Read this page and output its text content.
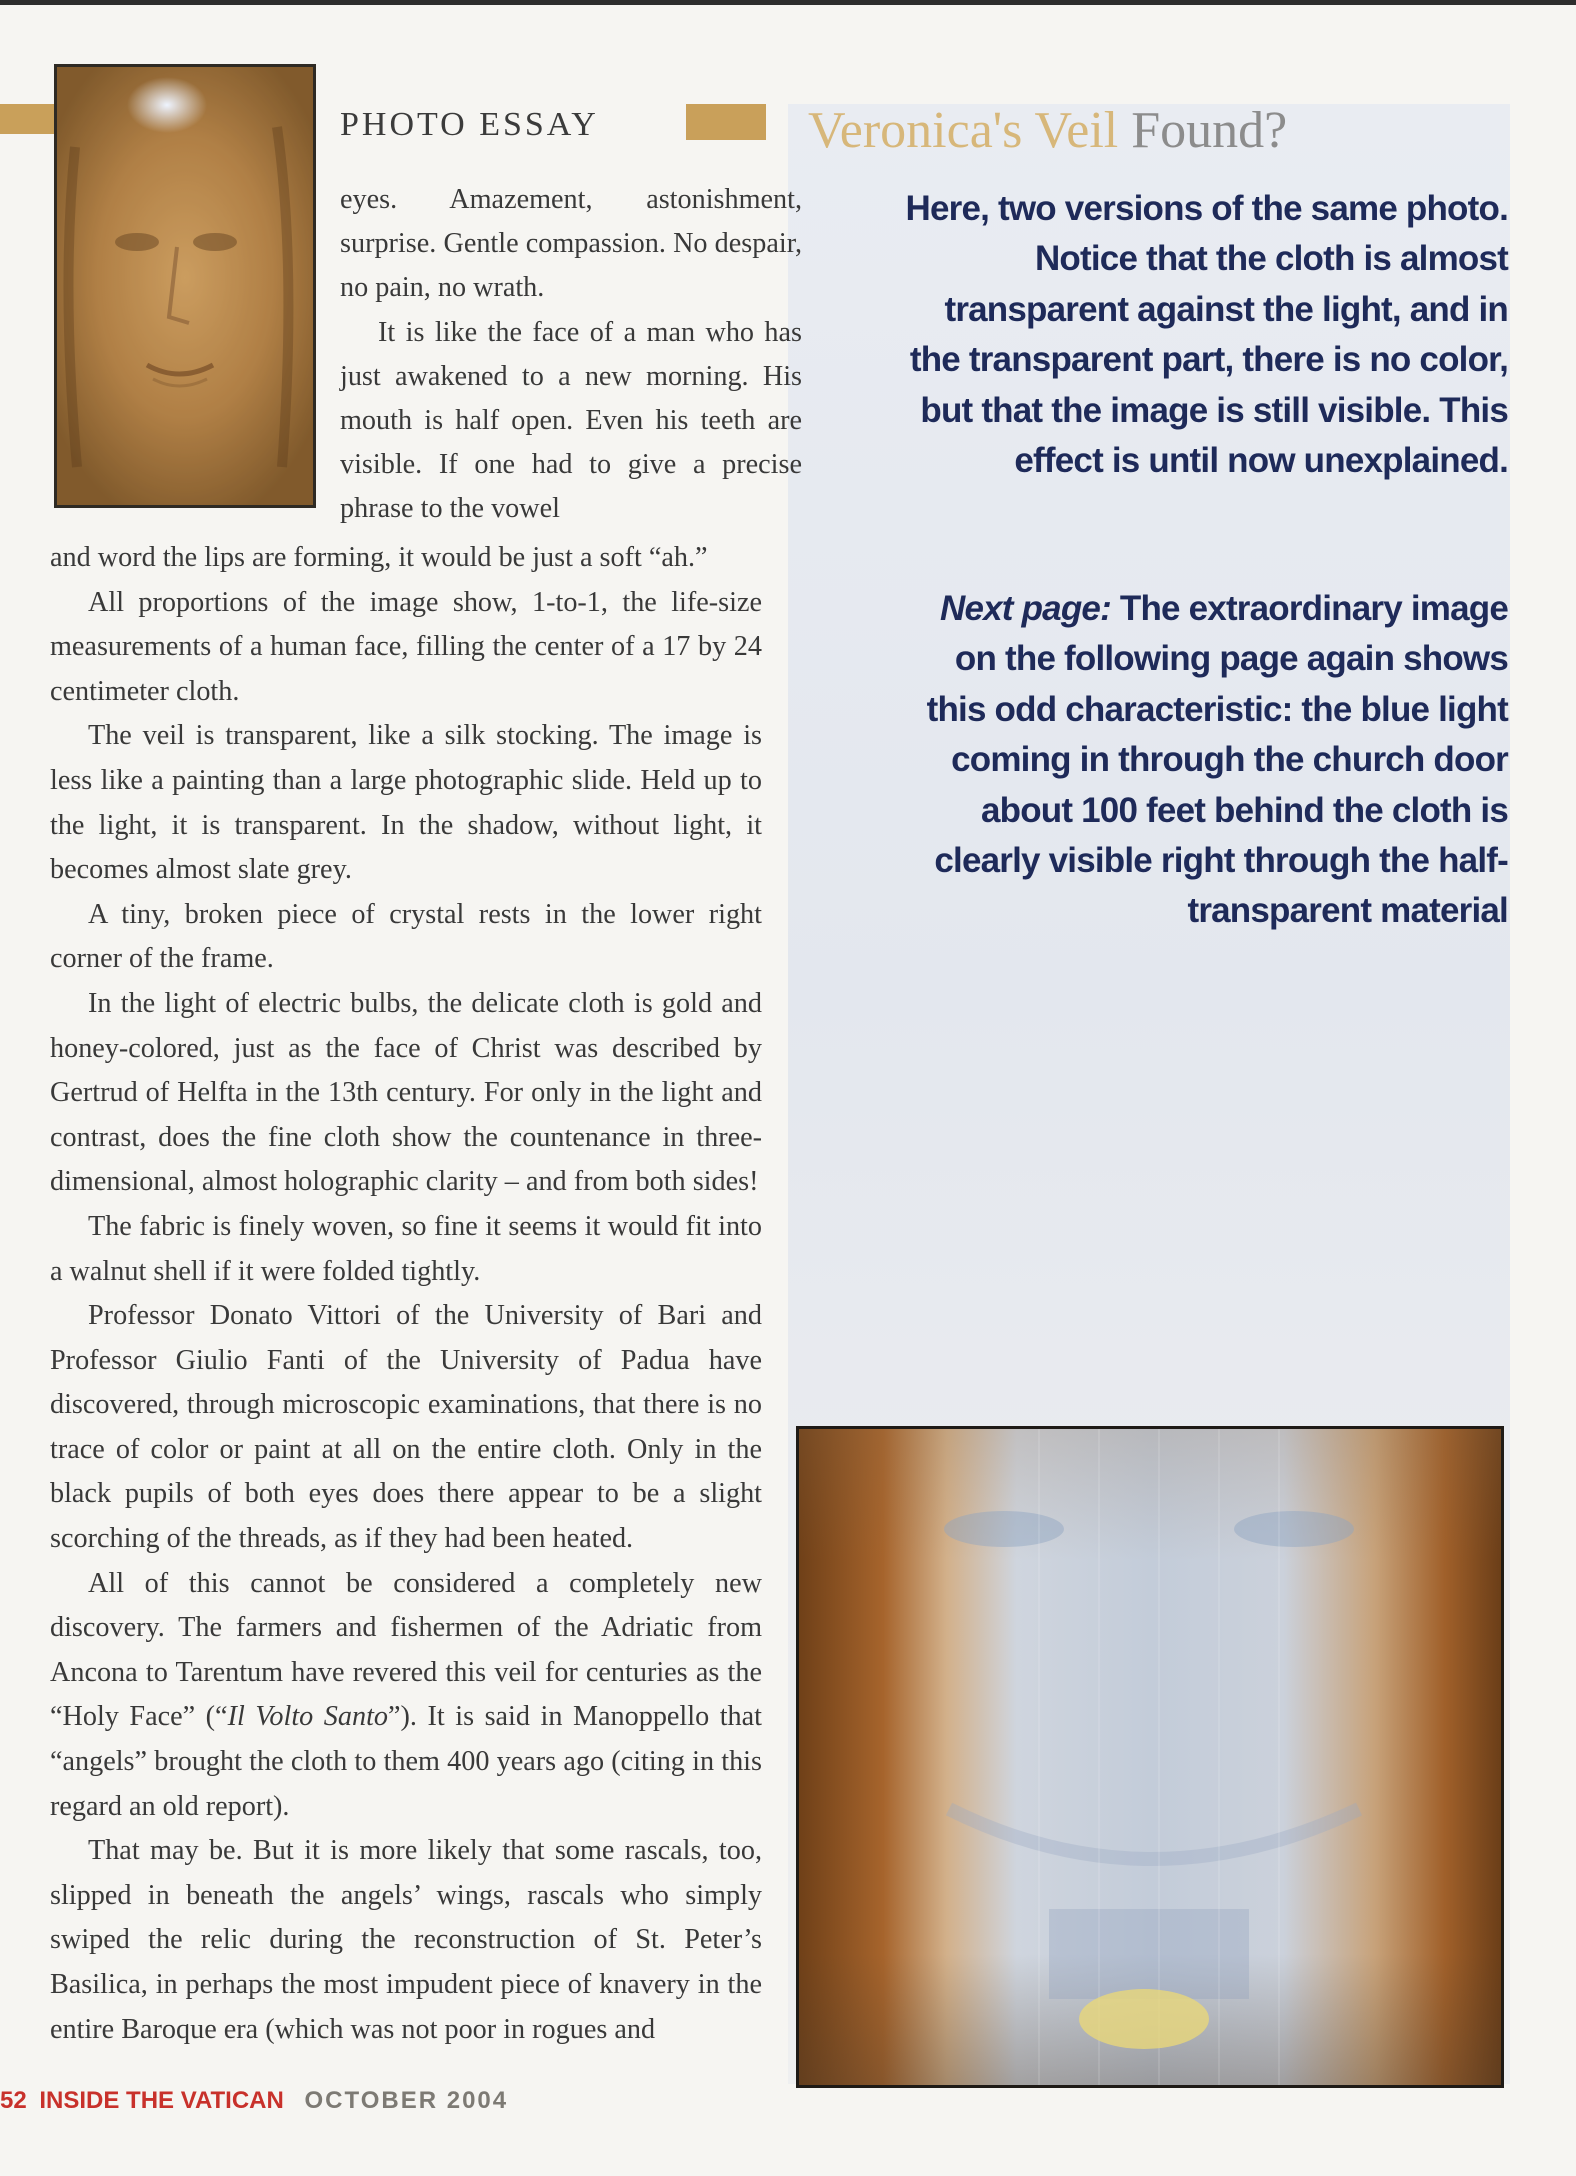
PHOTO ESSAY	Veronica's Veil Found?

eyes. Amazement, astonishment, surprise. Gentle compassion. No despair, no pain, no wrath.

It is like the face of a man who has just awakened to a new morning. His mouth is half open. Even his teeth are visible. If one had to give a precise phrase to the vowel

and word the lips are forming, it would be just a soft “ah.”

All proportions of the image show, 1-to-1, the life-size measurements of a human face, filling the center of a 17 by 24 centimeter cloth.

The veil is transparent, like a silk stocking. The image is less like a painting than a large photographic slide. Held up to the light, it is transparent. In the shadow, without light, it becomes almost slate grey.

A tiny, broken piece of crystal rests in the lower right corner of the frame.

In the light of electric bulbs, the delicate cloth is gold and honey-colored, just as the face of Christ was described by Gertrud of Helfta in the 13th century. For only in the light and contrast, does the fine cloth show the countenance in three-dimensional, almost holographic clarity – and from both sides!

The fabric is finely woven, so fine it seems it would fit into a walnut shell if it were folded tightly.

Professor Donato Vittori of the University of Bari and Professor Giulio Fanti of the University of Padua have discovered, through microscopic examinations, that there is no trace of color or paint at all on the entire cloth. Only in the black pupils of both eyes does there appear to be a slight scorching of the threads, as if they had been heated.

All of this cannot be considered a completely new discovery. The farmers and fishermen of the Adriatic from Ancona to Tarentum have revered this veil for centuries as the “Holy Face” (“Il Volto Santo”). It is said in Manoppello that “angels” brought the cloth to them 400 years ago (citing in this regard an old report).

That may be. But it is more likely that some rascals, too, slipped in beneath the angels’ wings, rascals who simply swiped the relic during the reconstruction of St. Peter’s Basilica, in perhaps the most impudent piece of knavery in the entire Baroque era (which was not poor in rogues and

Here, two versions of the same photo. Notice that the cloth is almost transparent against the light, and in the transparent part, there is no color, but that the image is still visible. This effect is until now unexplained.
Next page: The extraordinary image on the following page again shows this odd characteristic: the blue light coming in through the church door about 100 feet behind the cloth is clearly visible right through the half-transparent material
52 INSIDE THE VATICAN OCTOBER 2004
